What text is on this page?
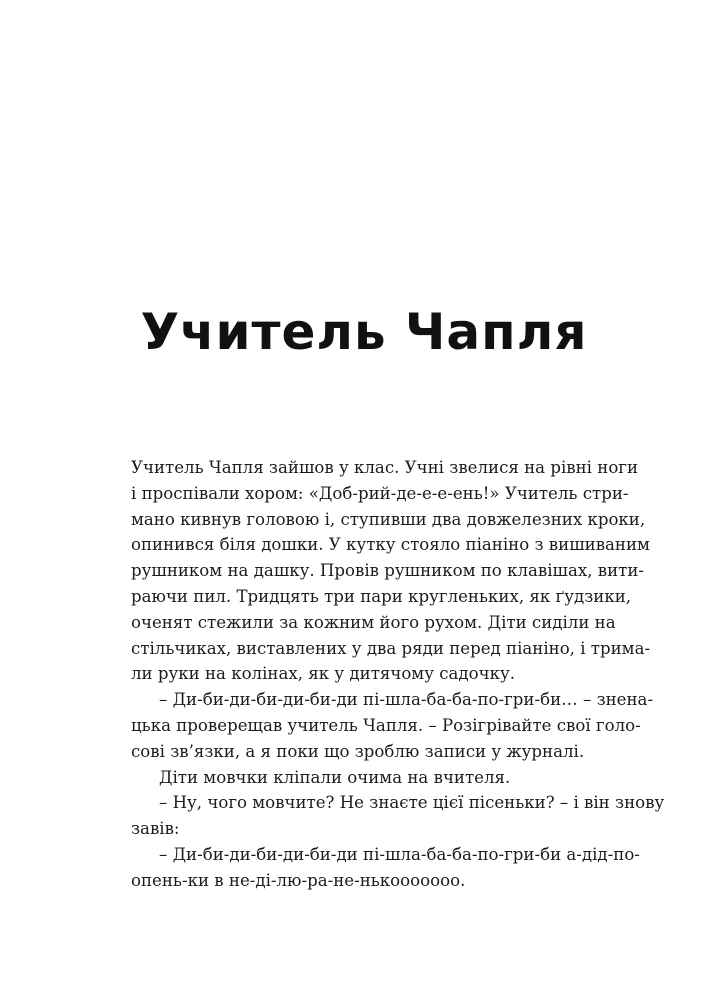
Учитель Чапля

Учитель Чапля зайшов у клас. Учні звелися на рівні ноги
і проспівали хором: «Доб-рий-де-е-е-ень!» Учитель стри-
мано кивнув головою і, ступивши два довжелезних кроки,
опинився біля дошки. У кутку стояло піаніно з вишиваним
рушником на дашку. Провів рушником по клавішах, вити-
раючи пил. Тридцять три пари кругленьких, як ґудзики,
оченят стежили за кожним його рухом. Діти сиділи на
стільчиках, виставлених у два ряди перед піаніно, і трима-
ли руки на колінах, як у дитячому садочку.

– Ди-би-ди-би-ди-би-ди пі-шла-ба-ба-по-гри-би… – знена-
цька проверещав учитель Чапля. – Розігрівайте свої голо-
сові зв’язки, а я поки що зроблю записи у журналі.

Діти мовчки кліпали очима на вчителя.

– Ну, чого мовчите? Не знаєте цієї пісеньки? – і він знову
завів:

– Ди-би-ди-би-ди-би-ди пі-шла-ба-ба-по-гри-би а-дід-по-
опень-ки в не-ді-лю-ра-не-нькооооооо.
